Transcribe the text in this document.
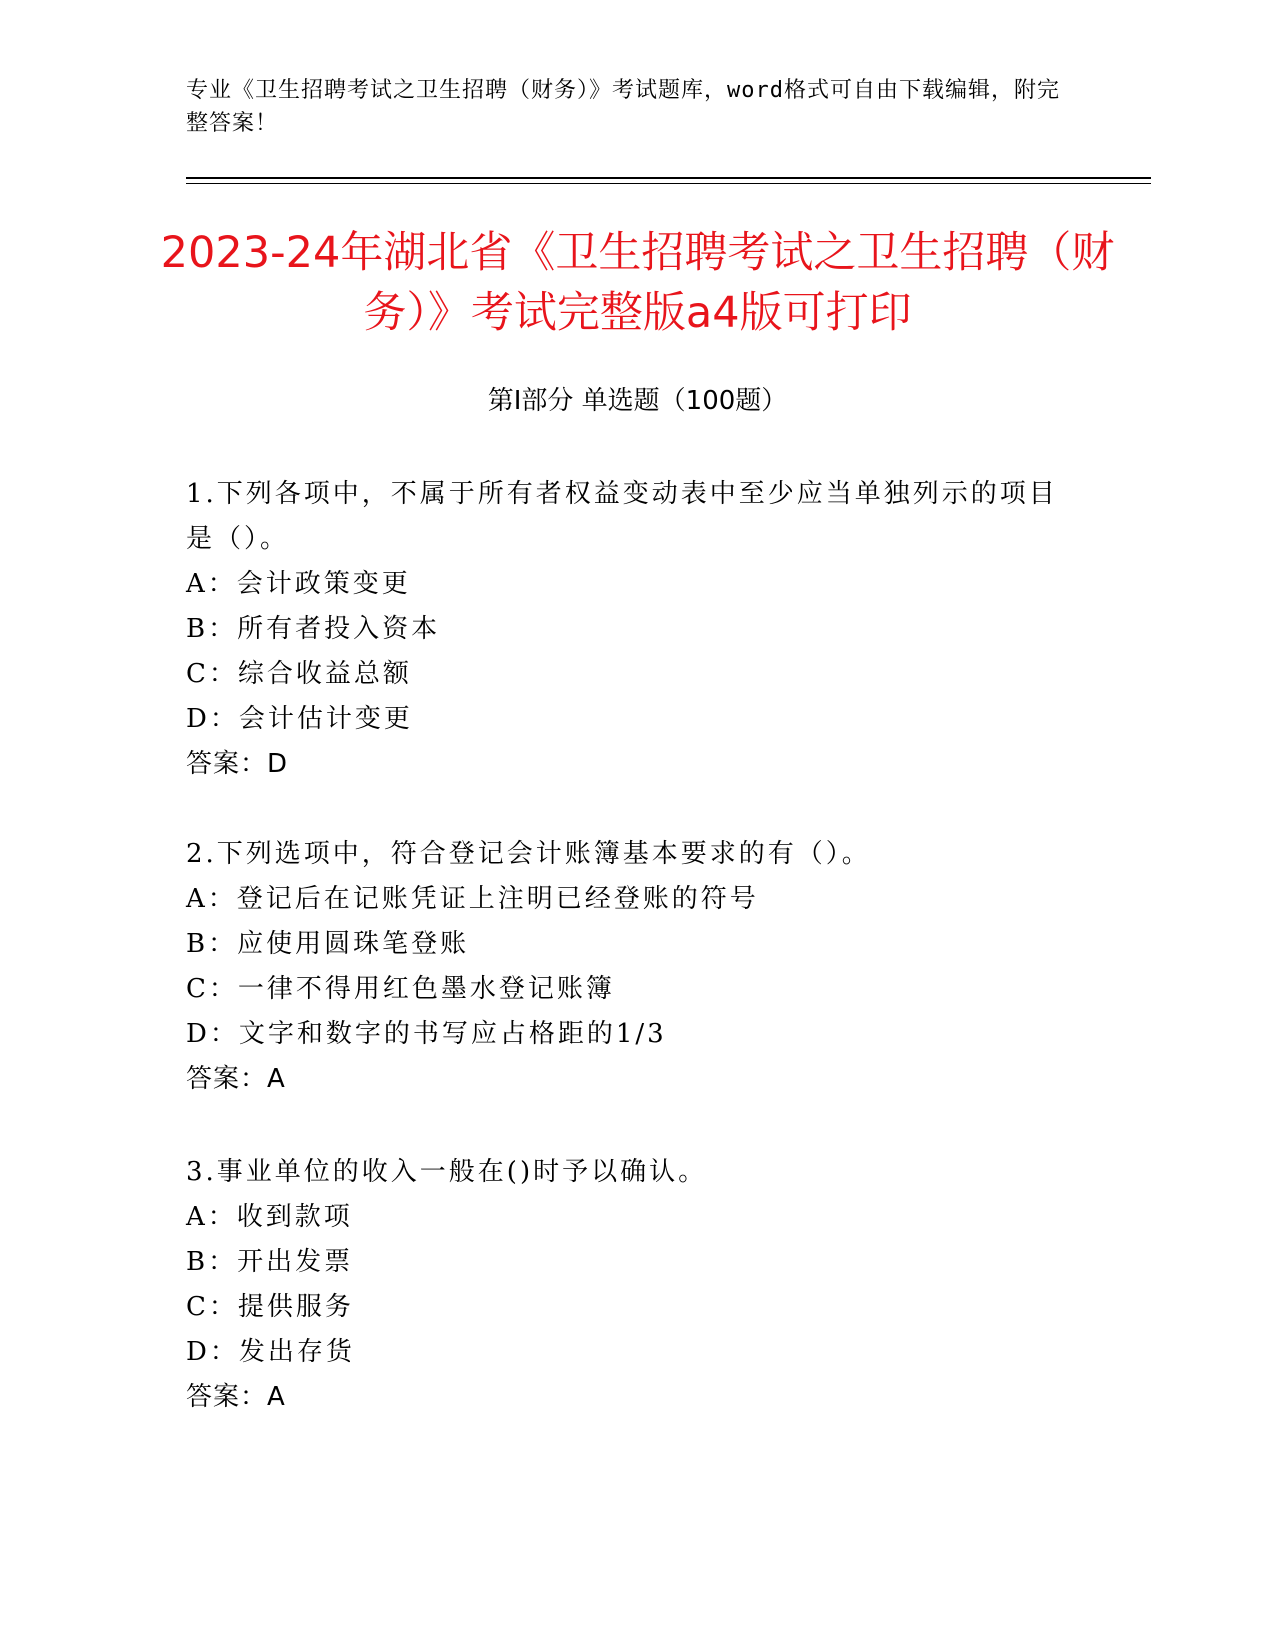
专业《卫生招聘考试之卫生招聘（财务）》考试题库，word格式可自由下载编辑，附完整答案！
2023-24年湖北省《卫生招聘考试之卫生招聘（财务）》考试完整版a4版可打印
第Ⅰ部分 单选题（100题）

1.下列各项中，不属于所有者权益变动表中至少应当单独列示的项目是（）。

A：会计政策变更

B：所有者投入资本

C：综合收益总额

D：会计估计变更

答案：D

2.下列选项中，符合登记会计账簿基本要求的有（）。

A：登记后在记账凭证上注明已经登账的符号

B：应使用圆珠笔登账

C：一律不得用红色墨水登记账簿

D：文字和数字的书写应占格距的1/3

答案：A

3.事业单位的收入一般在()时予以确认。

A：收到款项

B：开出发票

C：提供服务

D：发出存货

答案：A
